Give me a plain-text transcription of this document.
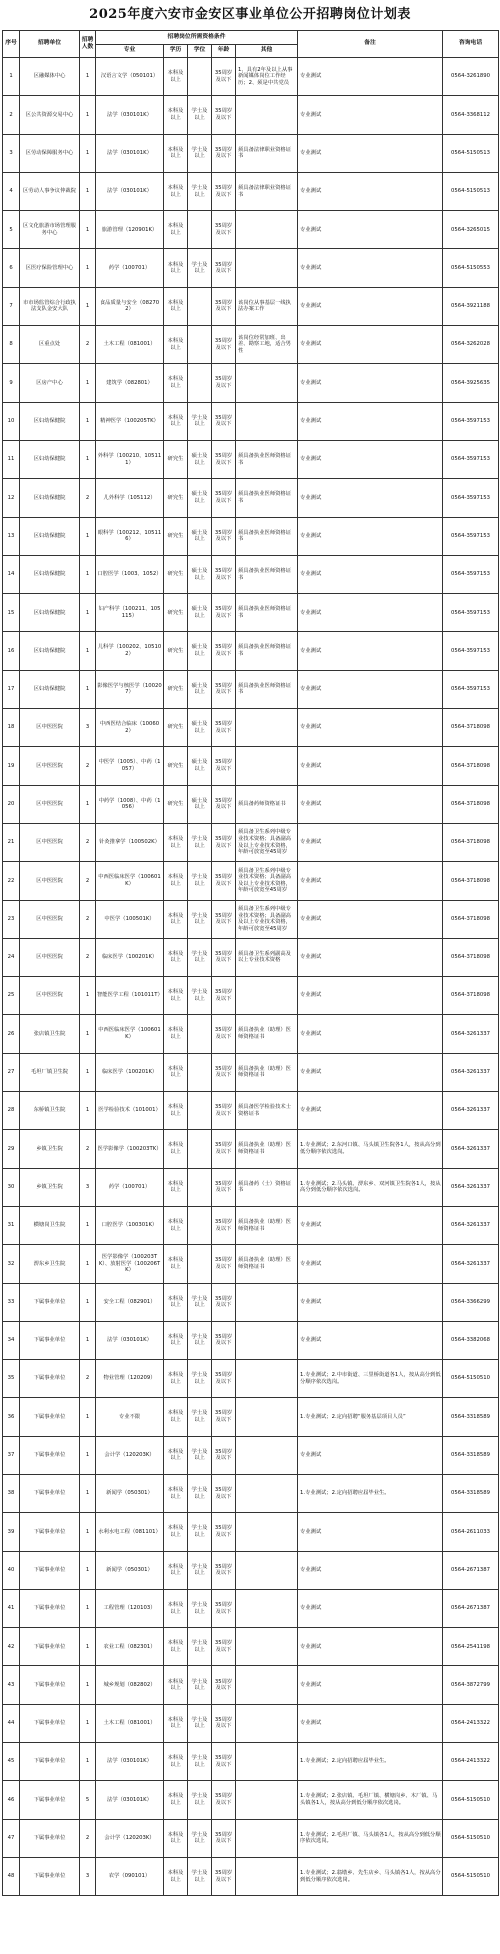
2025年度六安市金安区事业单位公开招聘岗位计划表
序号	招聘单位	招聘人数	招聘岗位所需资格条件					备注	咨询电话
			专业	学历	学位	年龄	其他		
1	区融媒体中心	1	汉语言文学（050101）	本科及以上		35周岁及以下	1、具有2年及以上从事新闻媒体岗位工作经历；2、须是中共党员	专业测试	0564-3261890
2	区公共资源交易中心	1	法学（030101K）	本科及以上	学士及以上	35周岁及以下		专业测试	0564-3368112
3	区劳动保障服务中心	1	法学（030101K）	本科及以上	学士及以上	35周岁及以下	须具备法律职业资格证书	专业测试	0564-5150513
4	区劳动人事争议仲裁院	1	法学（030101K）	本科及以上	学士及以上	35周岁及以下	须具备法律职业资格证书	专业测试	0564-5150513
5	区文化旅游市场管理服务中心	1	旅游管理（120901K）	本科及以上		35周岁及以下		专业测试	0564-3265015
6	区医疗保险管理中心	1	药学（100701）	本科及以上	学士及以上	35周岁及以下		专业测试	0564-5150553
7	市市场监管综合行政执法支队金安大队	1	食品质量与安全（082702）	本科及以上		35周岁及以下	该岗位从事基层一线执法办案工作	专业测试	0564-3921188
8	区重点处	2	土木工程（081001）	本科及以上		35周岁及以下	该岗位经常加班、出差、勘察工地，适合男性	专业测试	0564-3262028
9	区房产中心	1	建筑学（082801）	本科及以上		35周岁及以下		专业测试	0564-3925635
10	区妇幼保健院	1	精神医学（100205TK）	本科及以上	学士及以上	35周岁及以下		专业测试	0564-3597153
11	区妇幼保健院	1	外科学（100210、105111）	研究生	硕士及以上	35周岁及以下	须具备执业医师资格证书	专业测试	0564-3597153
12	区妇幼保健院	2	儿外科学（105112）	研究生	硕士及以上	35周岁及以下	须具备执业医师资格证书	专业测试	0564-3597153
13	区妇幼保健院	1	眼科学（100212、105116）	研究生	硕士及以上	35周岁及以下	须具备执业医师资格证书	专业测试	0564-3597153
14	区妇幼保健院	1	口腔医学（1003、1052）	研究生	硕士及以上	35周岁及以下	须具备执业医师资格证书	专业测试	0564-3597153
15	区妇幼保健院	1	妇产科学（100211、105115）	研究生	硕士及以上	35周岁及以下	须具备执业医师资格证书	专业测试	0564-3597153
16	区妇幼保健院	1	儿科学（100202、105102）	研究生	硕士及以上	35周岁及以下	须具备执业医师资格证书	专业测试	0564-3597153
17	区妇幼保健院	1	影像医学与核医学（100207）	研究生	硕士及以上	35周岁及以下	须具备执业医师资格证书	专业测试	0564-3597153
18	区中医医院	3	中西医结合临床（100602）	研究生	硕士及以上	35周岁及以下		专业测试	0564-3718098
19	区中医医院	2	中医学（1005）、中药（1057）	研究生	硕士及以上	35周岁及以下		专业测试	0564-3718098
20	区中医医院	1	中药学（1008）、中药（1056）	研究生	硕士及以上	35周岁及以下	须具备药师资格证书	专业测试	0564-3718098
21	区中医医院	2	针灸推拿学（100502K）	本科及以上	学士及以上	35周岁及以下	须具备卫生系列中级专业技术资格；具备副高及以上专业技术资格，年龄可放宽至45周岁	专业测试	0564-3718098
22	区中医医院	2	中西医临床医学（100601K）	本科及以上	学士及以上	35周岁及以下	须具备卫生系列中级专业技术资格；具备副高及以上专业技术资格，年龄可放宽至45周岁	专业测试	0564-3718098
23	区中医医院	2	中医学（100501K）	本科及以上	学士及以上	35周岁及以下	须具备卫生系列中级专业技术资格；具备副高及以上专业技术资格，年龄可放宽至45周岁	专业测试	0564-3718098
24	区中医医院	2	临床医学（100201K）	本科及以上	学士及以上	35周岁及以下	须具备卫生系列副高及以上专业技术资格	专业测试	0564-3718098
25	区中医医院	1	智能医学工程（101011T）	本科及以上	学士及以上	35周岁及以下		专业测试	0564-3718098
26	张店镇卫生院	1	中西医临床医学（100601K）	本科及以上		35周岁及以下	须具备执业（助理）医师资格证书	专业测试	0564-3261337
27	毛坦厂镇卫生院	1	临床医学（100201K）	本科及以上		35周岁及以下	须具备执业（助理）医师资格证书	专业测试	0564-3261337
28	东桥镇卫生院	1	医学检验技术（101001）	本科及以上		35周岁及以下	须具备医学检验技术士资格证书	专业测试	0564-3261337
29	乡镇卫生院	2	医学影像学（100203TK）	本科及以上		35周岁及以下	须具备执业（助理）医师资格证书	1.专业测试；2.东河口镇、马头镇卫生院各1人，按从高分到低分顺序依次选岗。	0564-3261337
30	乡镇卫生院	3	药学（100701）	本科及以上		35周岁及以下	须具备药（士）资格证书	1.专业测试；2.马头镇、淠东乡、双河镇卫生院各1人，按从高分到低分顺序依次选岗。	0564-3261337
31	横塘岗卫生院	1	口腔医学（100301K）	本科及以上		35周岁及以下	须具备执业（助理）医师资格证书	专业测试	0564-3261337
32	淠东乡卫生院	1	医学影像学（100203TK）、放射医学（100206TK）	本科及以上		35周岁及以下	须具备执业（助理）医师资格证书	专业测试	0564-3261337
33	下属事业单位	1	安全工程（082901）	本科及以上	学士及以上	35周岁及以下		专业测试	0564-3366299
34	下属事业单位	1	法学（030101K）	本科及以上	学士及以上	35周岁及以下		专业测试	0564-3382068
35	下属事业单位	2	物业管理（120209）	本科及以上	学士及以上	35周岁及以下		1.专业测试；2.中市街道、三里桥街道各1人，按从高分到低分顺序依次选岗。	0564-5150510
36	下属事业单位	1	专业不限	本科及以上	学士及以上	35周岁及以下		1.专业测试；2.定向招聘“服务基层项目人员”	0564-3318589
37	下属事业单位	1	会计学（120203K）	本科及以上	学士及以上	35周岁及以下		专业测试	0564-3318589
38	下属事业单位	1	新闻学（050301）	本科及以上	学士及以上	35周岁及以下		1.专业测试；2.定向招聘应届毕业生。	0564-3318589
39	下属事业单位	1	水利水电工程（081101）	本科及以上	学士及以上	35周岁及以下		专业测试	0564-2611033
40	下属事业单位	1	新闻学（050301）	本科及以上	学士及以上	35周岁及以下		专业测试	0564-2671387
41	下属事业单位	1	工程管理（120103）	本科及以上	学士及以上	35周岁及以下		专业测试	0564-2671387
42	下属事业单位	1	农业工程（082301）	本科及以上	学士及以上	35周岁及以下		专业测试	0564-2541198
43	下属事业单位	1	城乡规划（082802）	本科及以上	学士及以上	35周岁及以下		专业测试	0564-3872799
44	下属事业单位	1	土木工程（081001）	本科及以上	学士及以上	35周岁及以下		专业测试	0564-2413322
45	下属事业单位	1	法学（030101K）	本科及以上	学士及以上	35周岁及以下		1.专业测试；2.定向招聘应届毕业生。	0564-2413322
46	下属事业单位	5	法学（030101K）	本科及以上	学士及以上	35周岁及以下		1.专业测试；2.张店镇、毛坦厂镇、横塘岗乡、木厂镇、马头镇各1人，按从高分到低分顺序依次选岗。	0564-5150510
47	下属事业单位	2	会计学（120203K）	本科及以上	学士及以上	35周岁及以下		1.专业测试；2.毛坦厂镇、马头镇各1人，按从高分到低分顺序依次选岗。	0564-5150510
48	下属事业单位	3	农学（090101）	本科及以上	学士及以上	35周岁及以下		1.专业测试；2.翁墩乡、先生店乡、马头镇各1人，按从高分到低分顺序依次选岗。	0564-5150510
